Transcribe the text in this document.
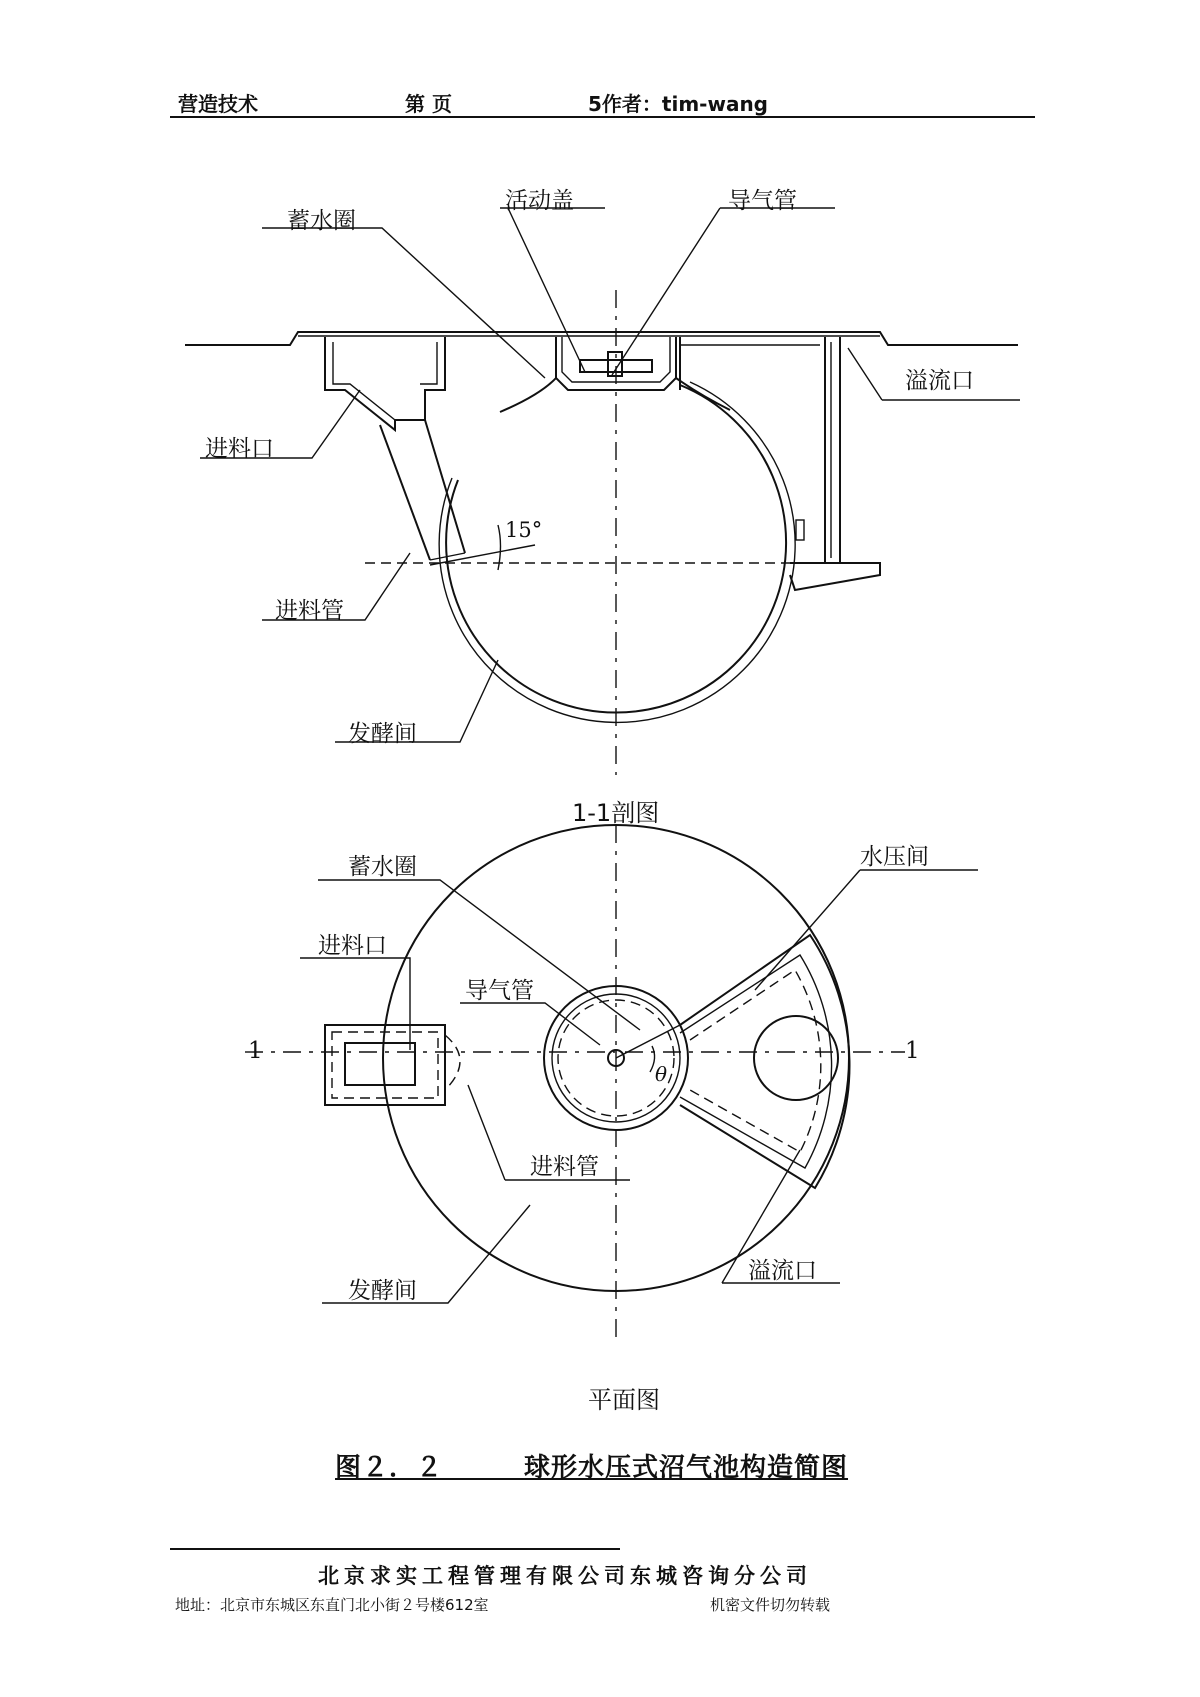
营造技术	第 页	5作者：tim-wang
蓄水圈
活动盖	导气管
溢流口
进料口
15°
进料管
发酵间
1-1剖图
蓄水圈	水压间
进料口
导气管
1	1
θ
进料管
溢流口
发酵间
平面图
图２．２　　　球形水压式沼气池构造简图
北京求实工程管理有限公司东城咨询分公司
地址：北京市东城区东直门北小街２号楼612室	机密文件切勿转载
